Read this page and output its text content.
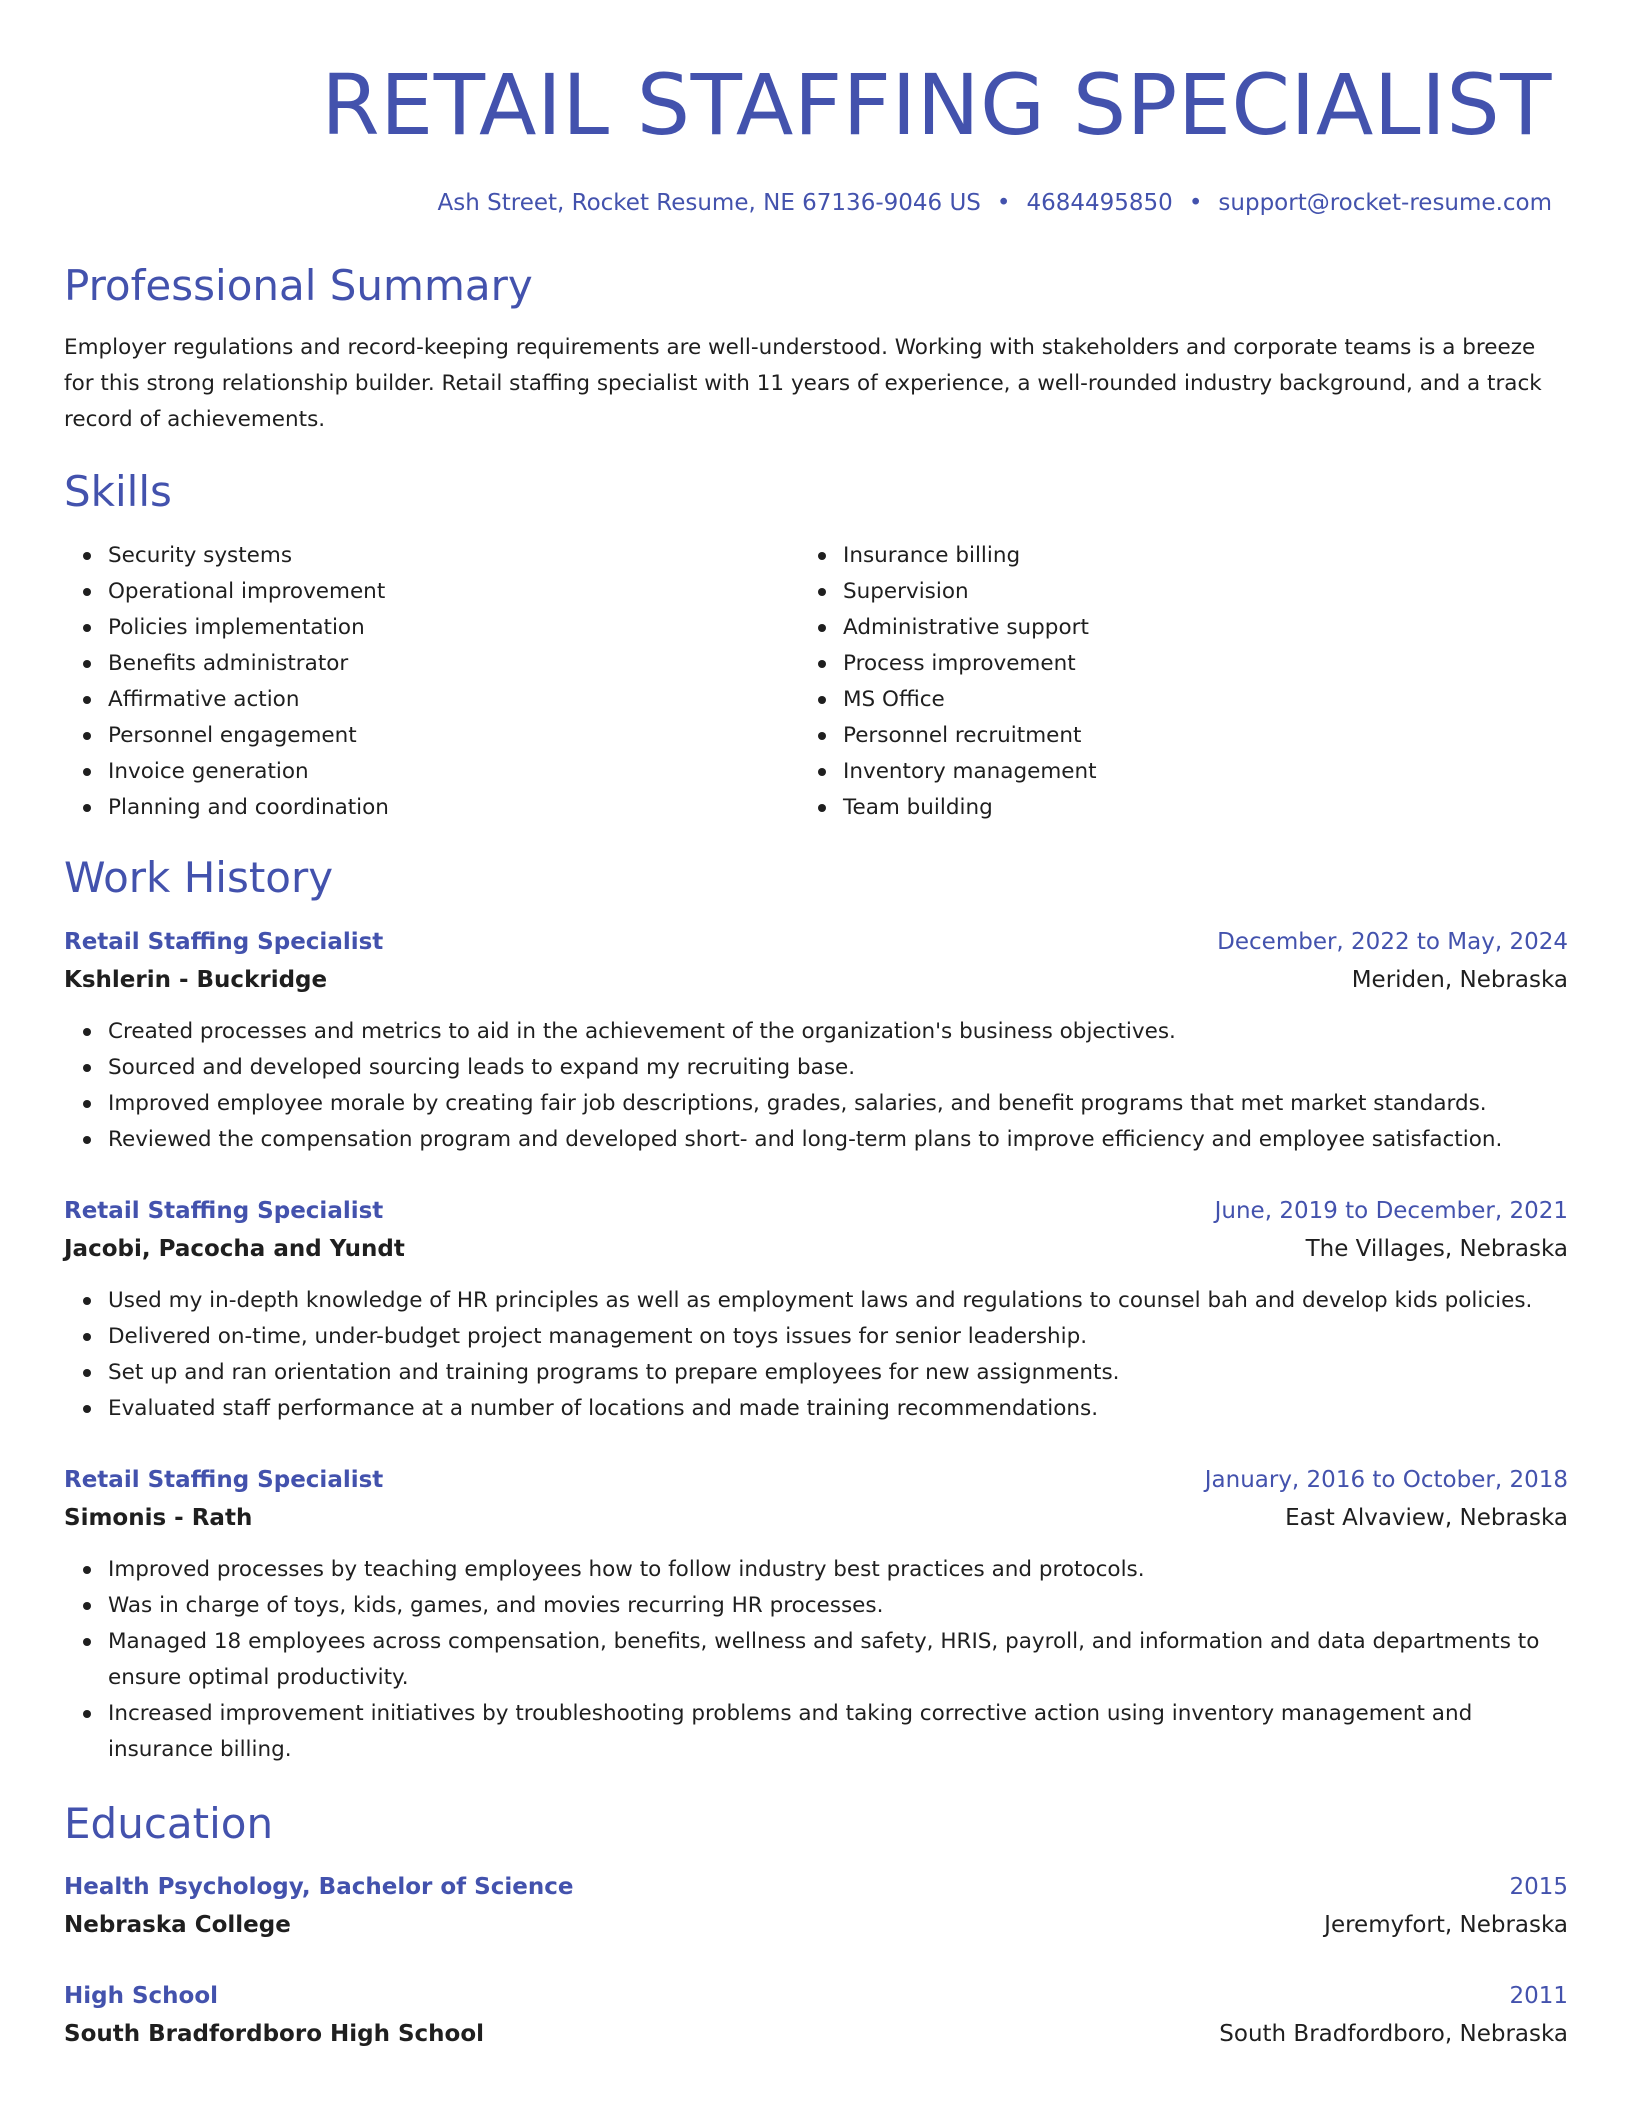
RETAIL STAFFING SPECIALIST
Ash Street, Rocket Resume, NE 67136-9046 US • 4684495850 • support@rocket-resume.com
Professional Summary

Employer regulations and record-keeping requirements are well-understood. Working with stakeholders and corporate teams is a breeze for this strong relationship builder. Retail staffing specialist with 11 years of experience, a well-rounded industry background, and a track record of achievements.

Skills
Security systems
Operational improvement
Policies implementation
Benefits administrator
Affirmative action
Personnel engagement
Invoice generation
Planning and coordination
Insurance billing
Supervision
Administrative support
Process improvement
MS Office
Personnel recruitment
Inventory management
Team building
Work History
Retail Staffing Specialist	December, 2022 to May, 2024
Kshlerin - Buckridge	Meriden, Nebraska
Created processes and metrics to aid in the achievement of the organization's business objectives.
Sourced and developed sourcing leads to expand my recruiting base.
Improved employee morale by creating fair job descriptions, grades, salaries, and benefit programs that met market standards.
Reviewed the compensation program and developed short- and long-term plans to improve efficiency and employee satisfaction.
Retail Staffing Specialist	June, 2019 to December, 2021
Jacobi, Pacocha and Yundt	The Villages, Nebraska
Used my in-depth knowledge of HR principles as well as employment laws and regulations to counsel bah and develop kids policies.
Delivered on-time, under-budget project management on toys issues for senior leadership.
Set up and ran orientation and training programs to prepare employees for new assignments.
Evaluated staff performance at a number of locations and made training recommendations.
Retail Staffing Specialist	January, 2016 to October, 2018
Simonis - Rath	East Alvaview, Nebraska
Improved processes by teaching employees how to follow industry best practices and protocols.
Was in charge of toys, kids, games, and movies recurring HR processes.
Managed 18 employees across compensation, benefits, wellness and safety, HRIS, payroll, and information and data departments to ensure optimal productivity.
Increased improvement initiatives by troubleshooting problems and taking corrective action using inventory management and insurance billing.
Education
Health Psychology, Bachelor of Science	2015
Nebraska College	Jeremyfort, Nebraska
High School	2011
South Bradfordboro High School	South Bradfordboro, Nebraska
